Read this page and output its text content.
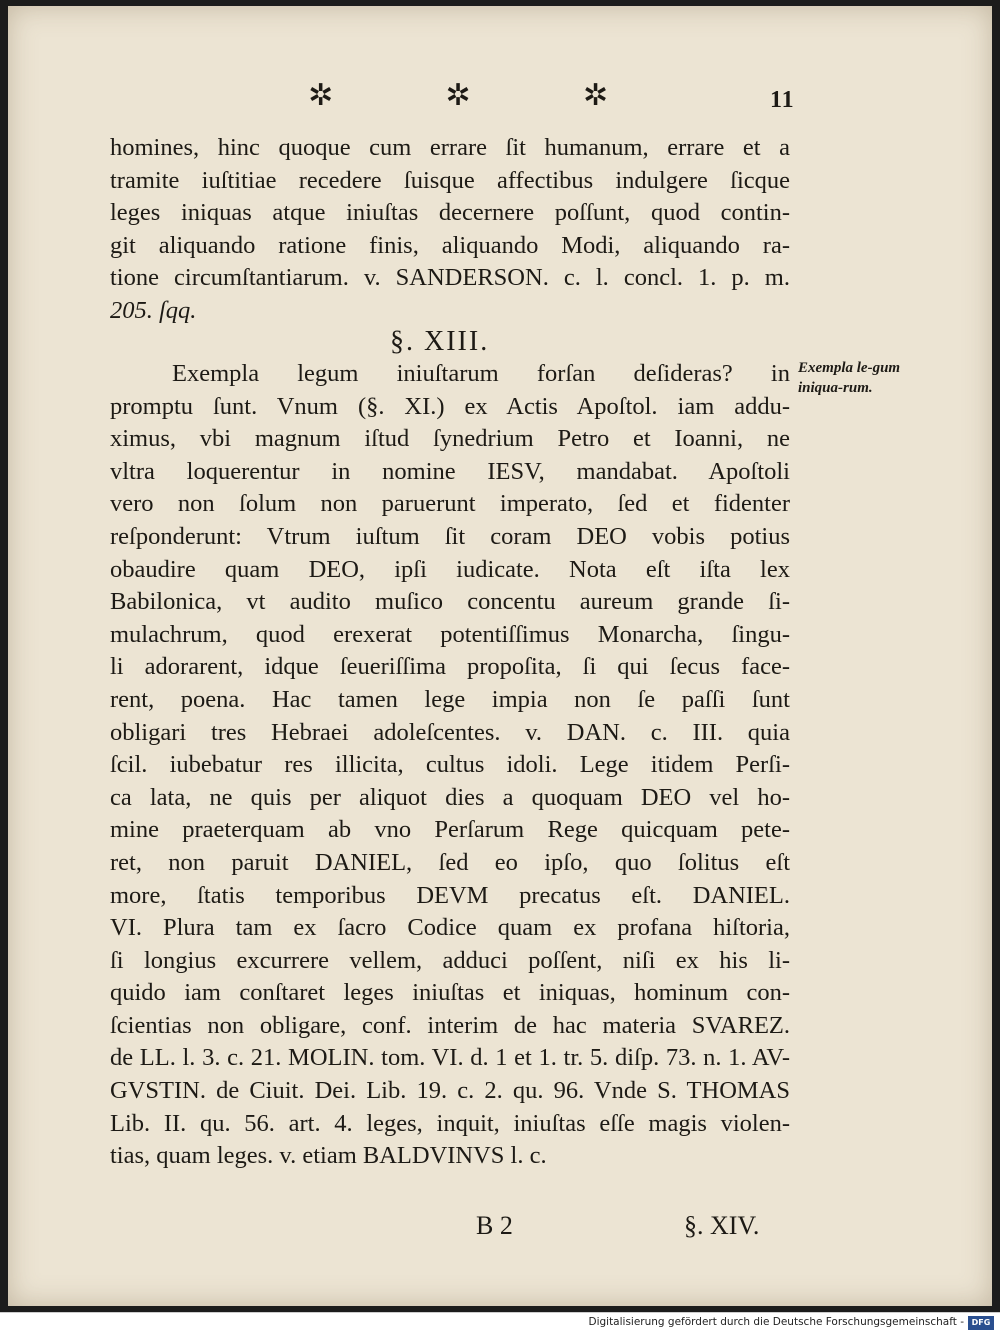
✲	✲	✲	11
homines, hinc quoque cum errare ſit humanum, errare et a
tramite iuſtitiae recedere ſuisque affectibus indulgere ſicque
leges iniquas atque iniuſtas decernere poſſunt, quod contin-
git aliquando ratione finis, aliquando Modi, aliquando ra-
tione circumſtantiarum. v. SANDERSON. c. l. concl. 1. p. m.
205. ſqq.
§. XIII.
Exempla le-gum iniqua-rum.
Exempla legum iniuſtarum forſan deſideras? in
promptu ſunt. Vnum (§. XI.) ex Actis Apoſtol. iam addu-
ximus, vbi magnum iſtud ſynedrium Petro et Ioanni, ne
vltra loquerentur in nomine IESV, mandabat. Apoſtoli
vero non ſolum non paruerunt imperato, ſed et fidenter
reſponderunt: Vtrum iuſtum ſit coram DEO vobis potius
obaudire quam DEO, ipſi iudicate. Nota eſt iſta lex
Babilonica, vt audito muſico concentu aureum grande ſi-
mulachrum, quod erexerat potentiſſimus Monarcha, ſingu-
li adorarent, idque ſeueriſſima propoſita, ſi qui ſecus face-
rent, poena. Hac tamen lege impia non ſe paſſi ſunt
obligari tres Hebraei adoleſcentes. v. DAN. c. III. quia
ſcil. iubebatur res illicita, cultus idoli. Lege itidem Perſi-
ca lata, ne quis per aliquot dies a quoquam DEO vel ho-
mine praeterquam ab vno Perſarum Rege quicquam pete-
ret, non paruit DANIEL, ſed eo ipſo, quo ſolitus eſt
more, ſtatis temporibus DEVM precatus eſt. DANIEL.
VI. Plura tam ex ſacro Codice quam ex profana hiſtoria,
ſi longius excurrere vellem, adduci poſſent, niſi ex his li-
quido iam conſtaret leges iniuſtas et iniquas, hominum con-
ſcientias non obligare, conf. interim de hac materia SVAREZ.
de LL. l. 3. c. 21. MOLIN. tom. VI. d. 1 et 1. tr. 5. diſp. 73. n. 1. AV-
GVSTIN. de Ciuit. Dei. Lib. 19. c. 2. qu. 96. Vnde S. THOMAS
Lib. II. qu. 56. art. 4. leges, inquit, iniuſtas eſſe magis violen-
tias, quam leges. v. etiam BALDVINVS l. c.
B 2	§. XIV.
Digitalisierung gefördert durch die Deutsche Forschungsgemeinschaft - DFG
